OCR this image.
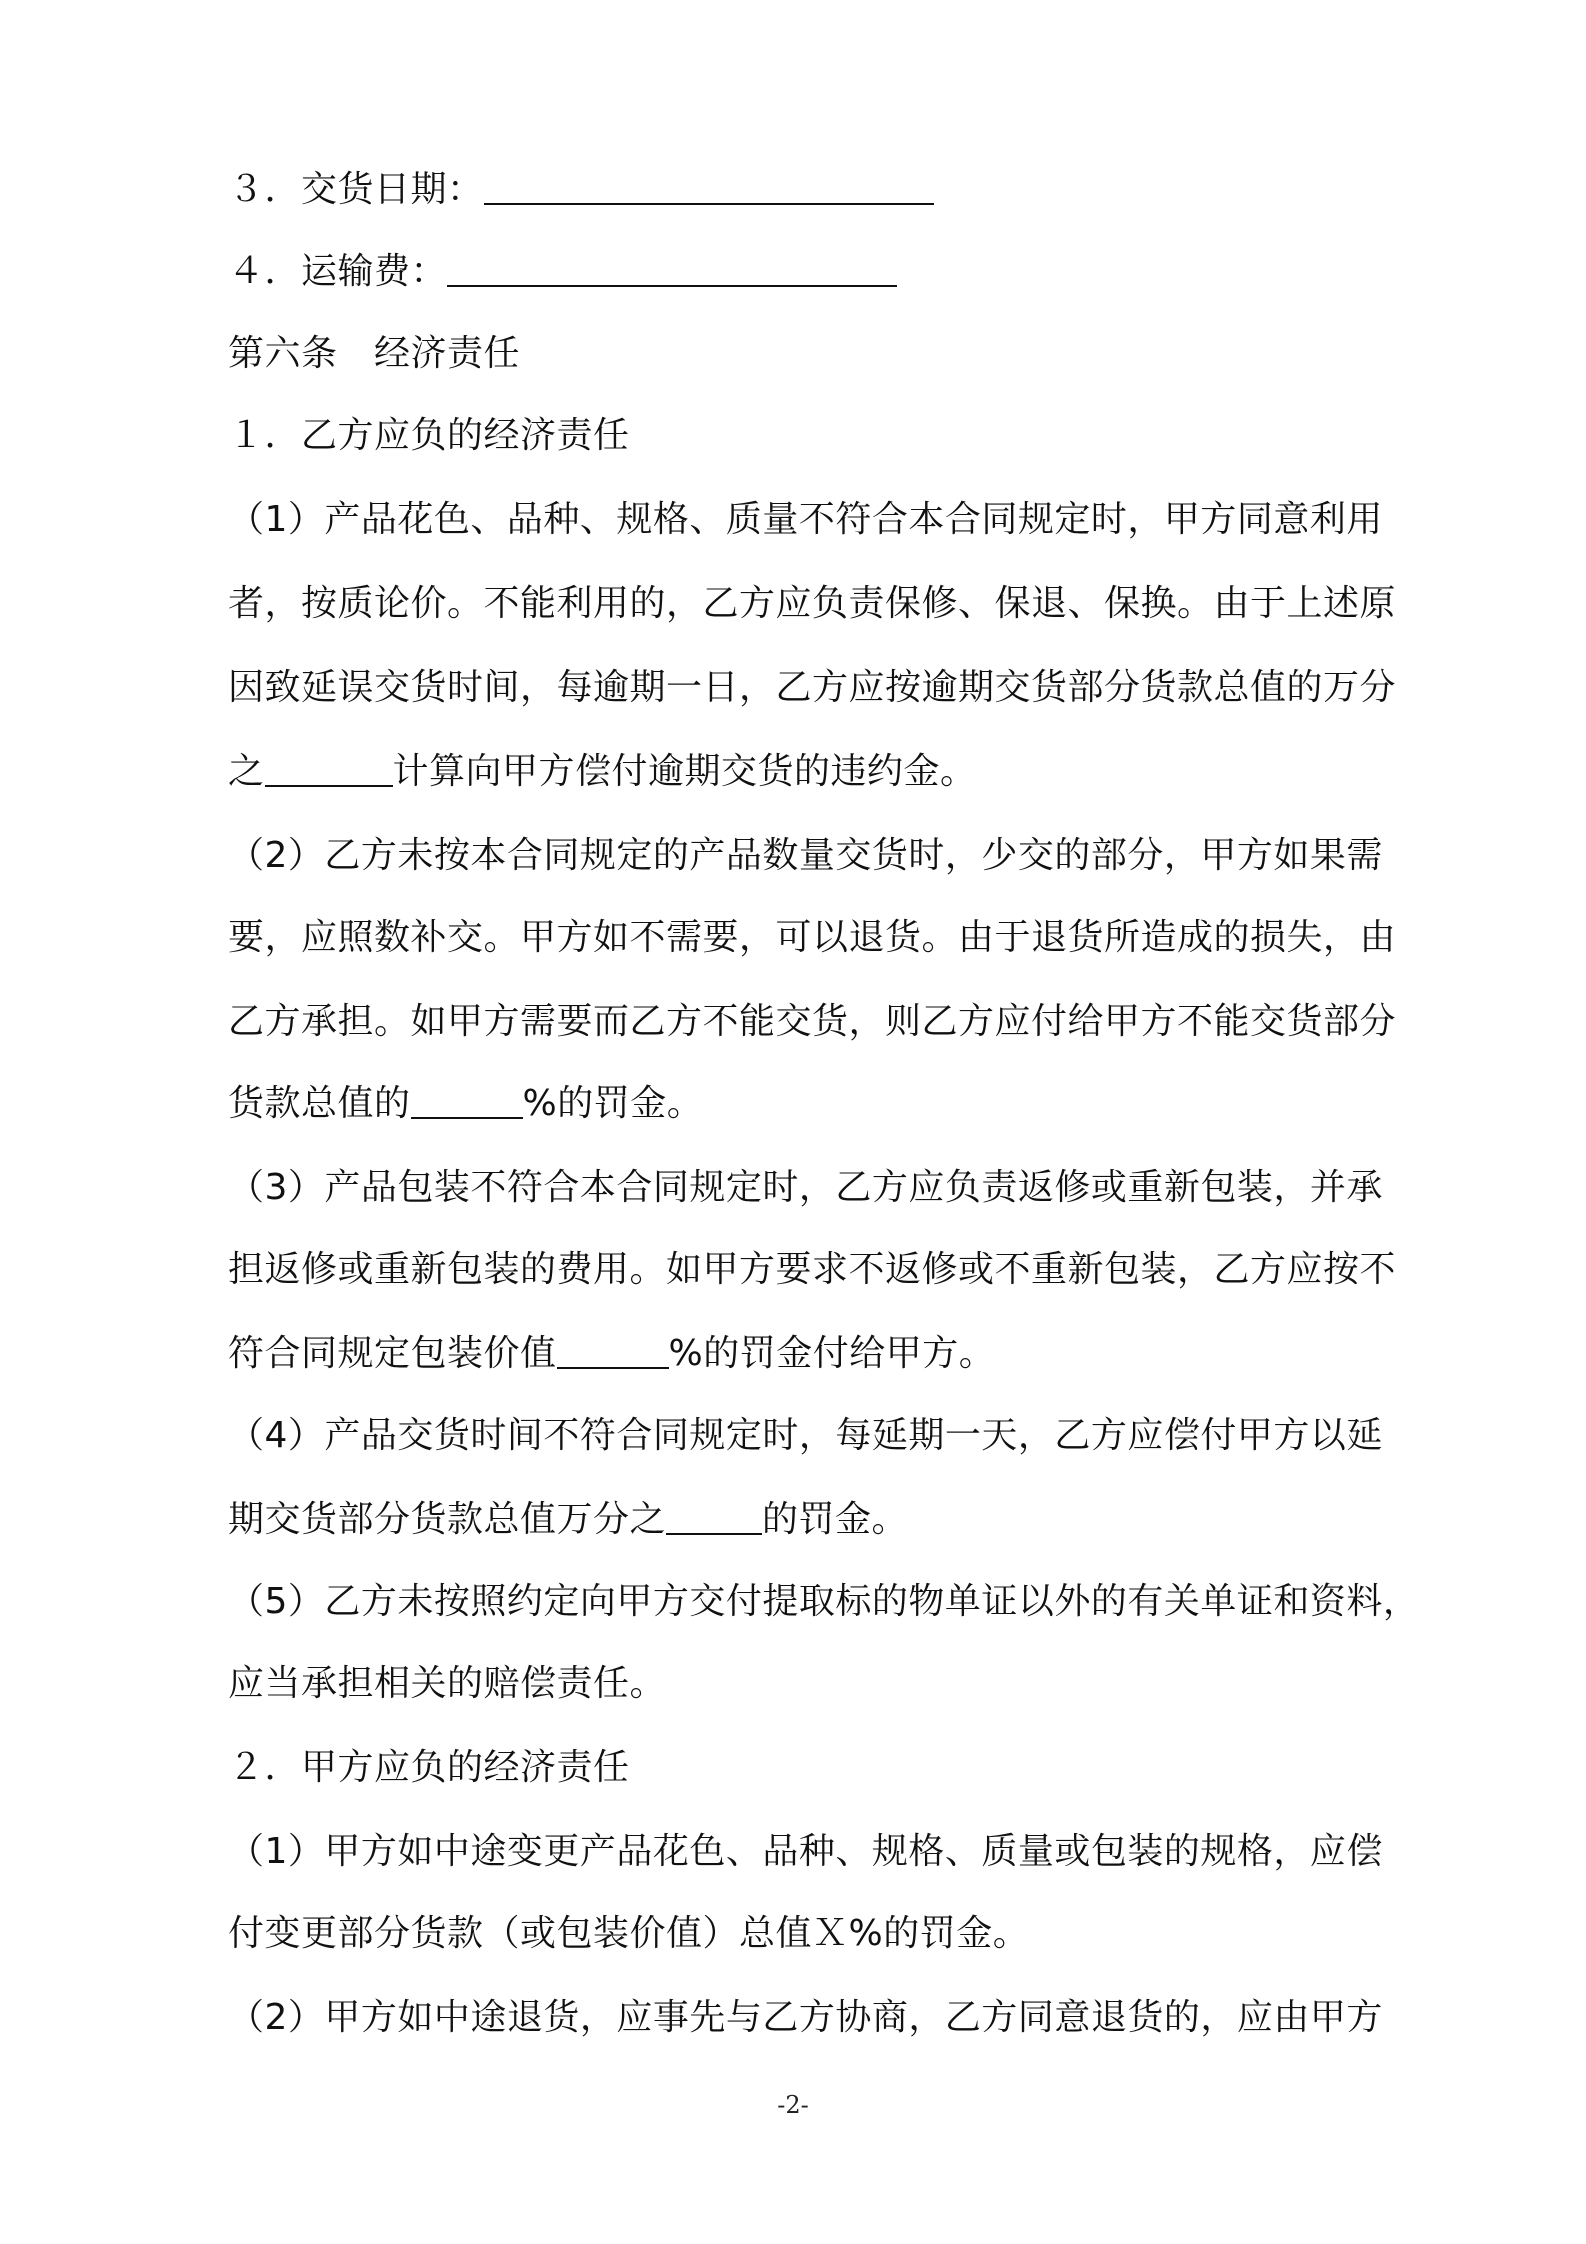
３．交货日期：
４．运输费：
第六条　经济责任
１．乙方应负的经济责任
（1）产品花色、品种、规格、质量不符合本合同规定时，甲方同意利用
者，按质论价。不能利用的，乙方应负责保修、保退、保换。由于上述原
因致延误交货时间，每逾期一日，乙方应按逾期交货部分货款总值的万分
之	计算向甲方偿付逾期交货的违约金。
（2）乙方未按本合同规定的产品数量交货时，少交的部分，甲方如果需
要，应照数补交。甲方如不需要，可以退货。由于退货所造成的损失，由
乙方承担。如甲方需要而乙方不能交货，则乙方应付给甲方不能交货部分
货款总值的	%的罚金。
（3）产品包装不符合本合同规定时，乙方应负责返修或重新包装，并承
担返修或重新包装的费用。如甲方要求不返修或不重新包装，乙方应按不
符合同规定包装价值	%的罚金付给甲方。
（4）产品交货时间不符合同规定时，每延期一天，乙方应偿付甲方以延
期交货部分货款总值万分之	的罚金。
（5）乙方未按照约定向甲方交付提取标的物单证以外的有关单证和资料，
应当承担相关的赔偿责任。
２．甲方应负的经济责任
（1）甲方如中途变更产品花色、品种、规格、质量或包装的规格，应偿
付变更部分货款（或包装价值）总值Ｘ%的罚金。
（2）甲方如中途退货，应事先与乙方协商，乙方同意退货的，应由甲方
-2-
